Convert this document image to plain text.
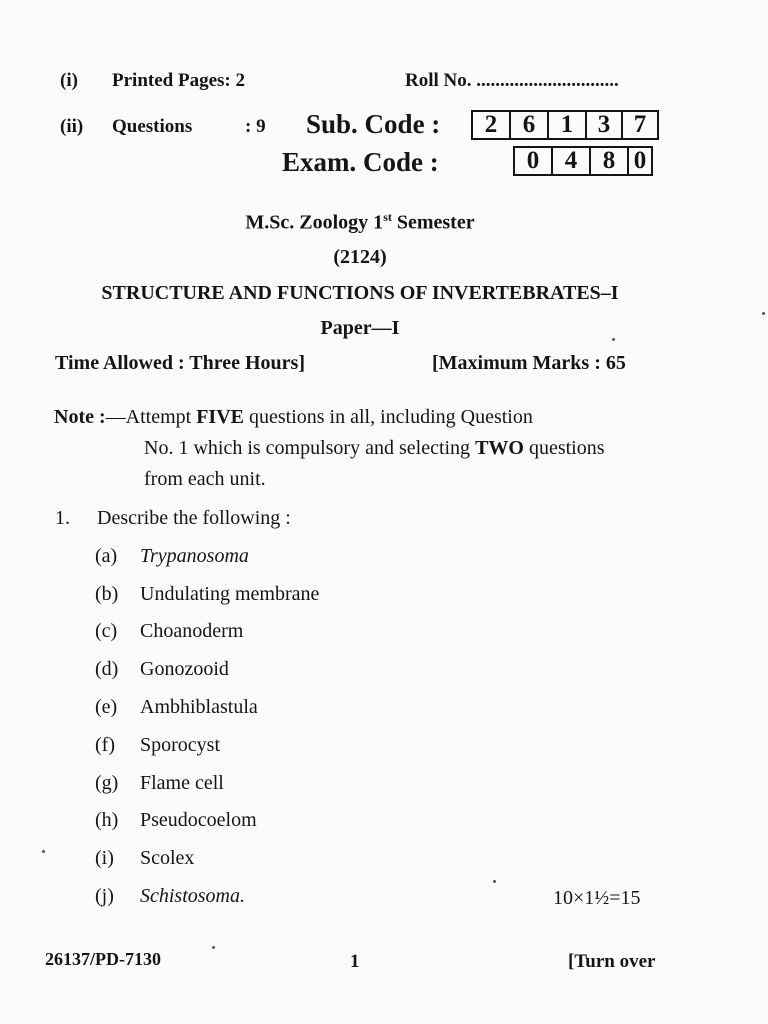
(i) Printed Pages: 2	Roll No. ..............................
(ii) Questions	: 9 Sub. Code :	2	6	1 3 7
Exam. Code :	0	4	8 0
M.Sc. Zoology 1st Semester
(2124)
STRUCTURE AND FUNCTIONS OF INVERTEBRATES–I
Paper—I
Time Allowed : Three Hours]	[Maximum Marks : 65
Note :—Attempt FIVE questions in all, including Question
No. 1 which is compulsory and selecting TWO questions
from each unit.
1. Describe the following :
(a) Trypanosoma
(b) Undulating membrane
(c) Choanoderm
(d) Gonozooid
(e) Ambhiblastula
(f) Sporocyst
(g) Flame cell
(h) Pseudocoelom
(i) Scolex
(j) Schistosoma.	10×1½=15
26137/PD-7130	1	[Turn over
